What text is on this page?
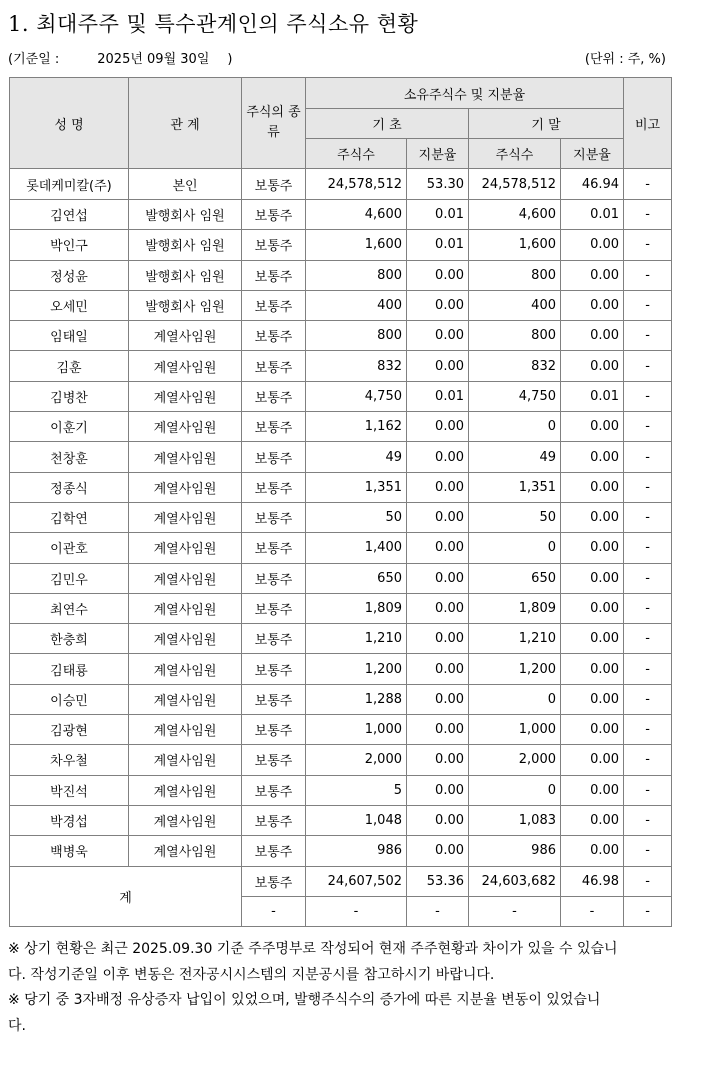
1. 최대주주 및 특수관계인의 주식소유 현황
(기준일 :	2025년 09월 30일 )	(단위 : 주, %)
성 명	관 계	주식의 종류	소유주식수 및 지분율				비고
			기 초		기 말		
			주식수	지분율	주식수	지분율	
롯데케미칼(주)	본인	보통주	24,578,512	53.30	24,578,512	46.94	-
김연섭	발행회사 임원	보통주	4,600	0.01	4,600	0.01	-
박인구	발행회사 임원	보통주	1,600	0.01	1,600	0.00	-
정성윤	발행회사 임원	보통주	800	0.00	800	0.00	-
오세민	발행회사 임원	보통주	400	0.00	400	0.00	-
임태일	계열사임원	보통주	800	0.00	800	0.00	-
김훈	계열사임원	보통주	832	0.00	832	0.00	-
김병찬	계열사임원	보통주	4,750	0.01	4,750	0.01	-
이훈기	계열사임원	보통주	1,162	0.00	0	0.00	-
천창훈	계열사임원	보통주	49	0.00	49	0.00	-
정종식	계열사임원	보통주	1,351	0.00	1,351	0.00	-
김학연	계열사임원	보통주	50	0.00	50	0.00	-
이관호	계열사임원	보통주	1,400	0.00	0	0.00	-
김민우	계열사임원	보통주	650	0.00	650	0.00	-
최연수	계열사임원	보통주	1,809	0.00	1,809	0.00	-
한충희	계열사임원	보통주	1,210	0.00	1,210	0.00	-
김태룡	계열사임원	보통주	1,200	0.00	1,200	0.00	-
이승민	계열사임원	보통주	1,288	0.00	0	0.00	-
김광현	계열사임원	보통주	1,000	0.00	1,000	0.00	-
차우철	계열사임원	보통주	2,000	0.00	2,000	0.00	-
박진석	계열사임원	보통주	5	0.00	0	0.00	-
박경섭	계열사임원	보통주	1,048	0.00	1,083	0.00	-
백병욱	계열사임원	보통주	986	0.00	986	0.00	-
계		보통주	24,607,502	53.36	24,603,682	46.98	-
		-	-	-	-	-	-

※ 상기 현황은 최근 2025.09.30 기준 주주명부로 작성되어 현재 주주현황과 차이가 있을 수 있습니다. 작성기준일 이후 변동은 전자공시시스템의 지분공시를 참고하시기 바랍니다.

※ 당기 중 3자배정 유상증자 납입이 있었으며, 발행주식수의 증가에 따른 지분율 변동이 있었습니다.
